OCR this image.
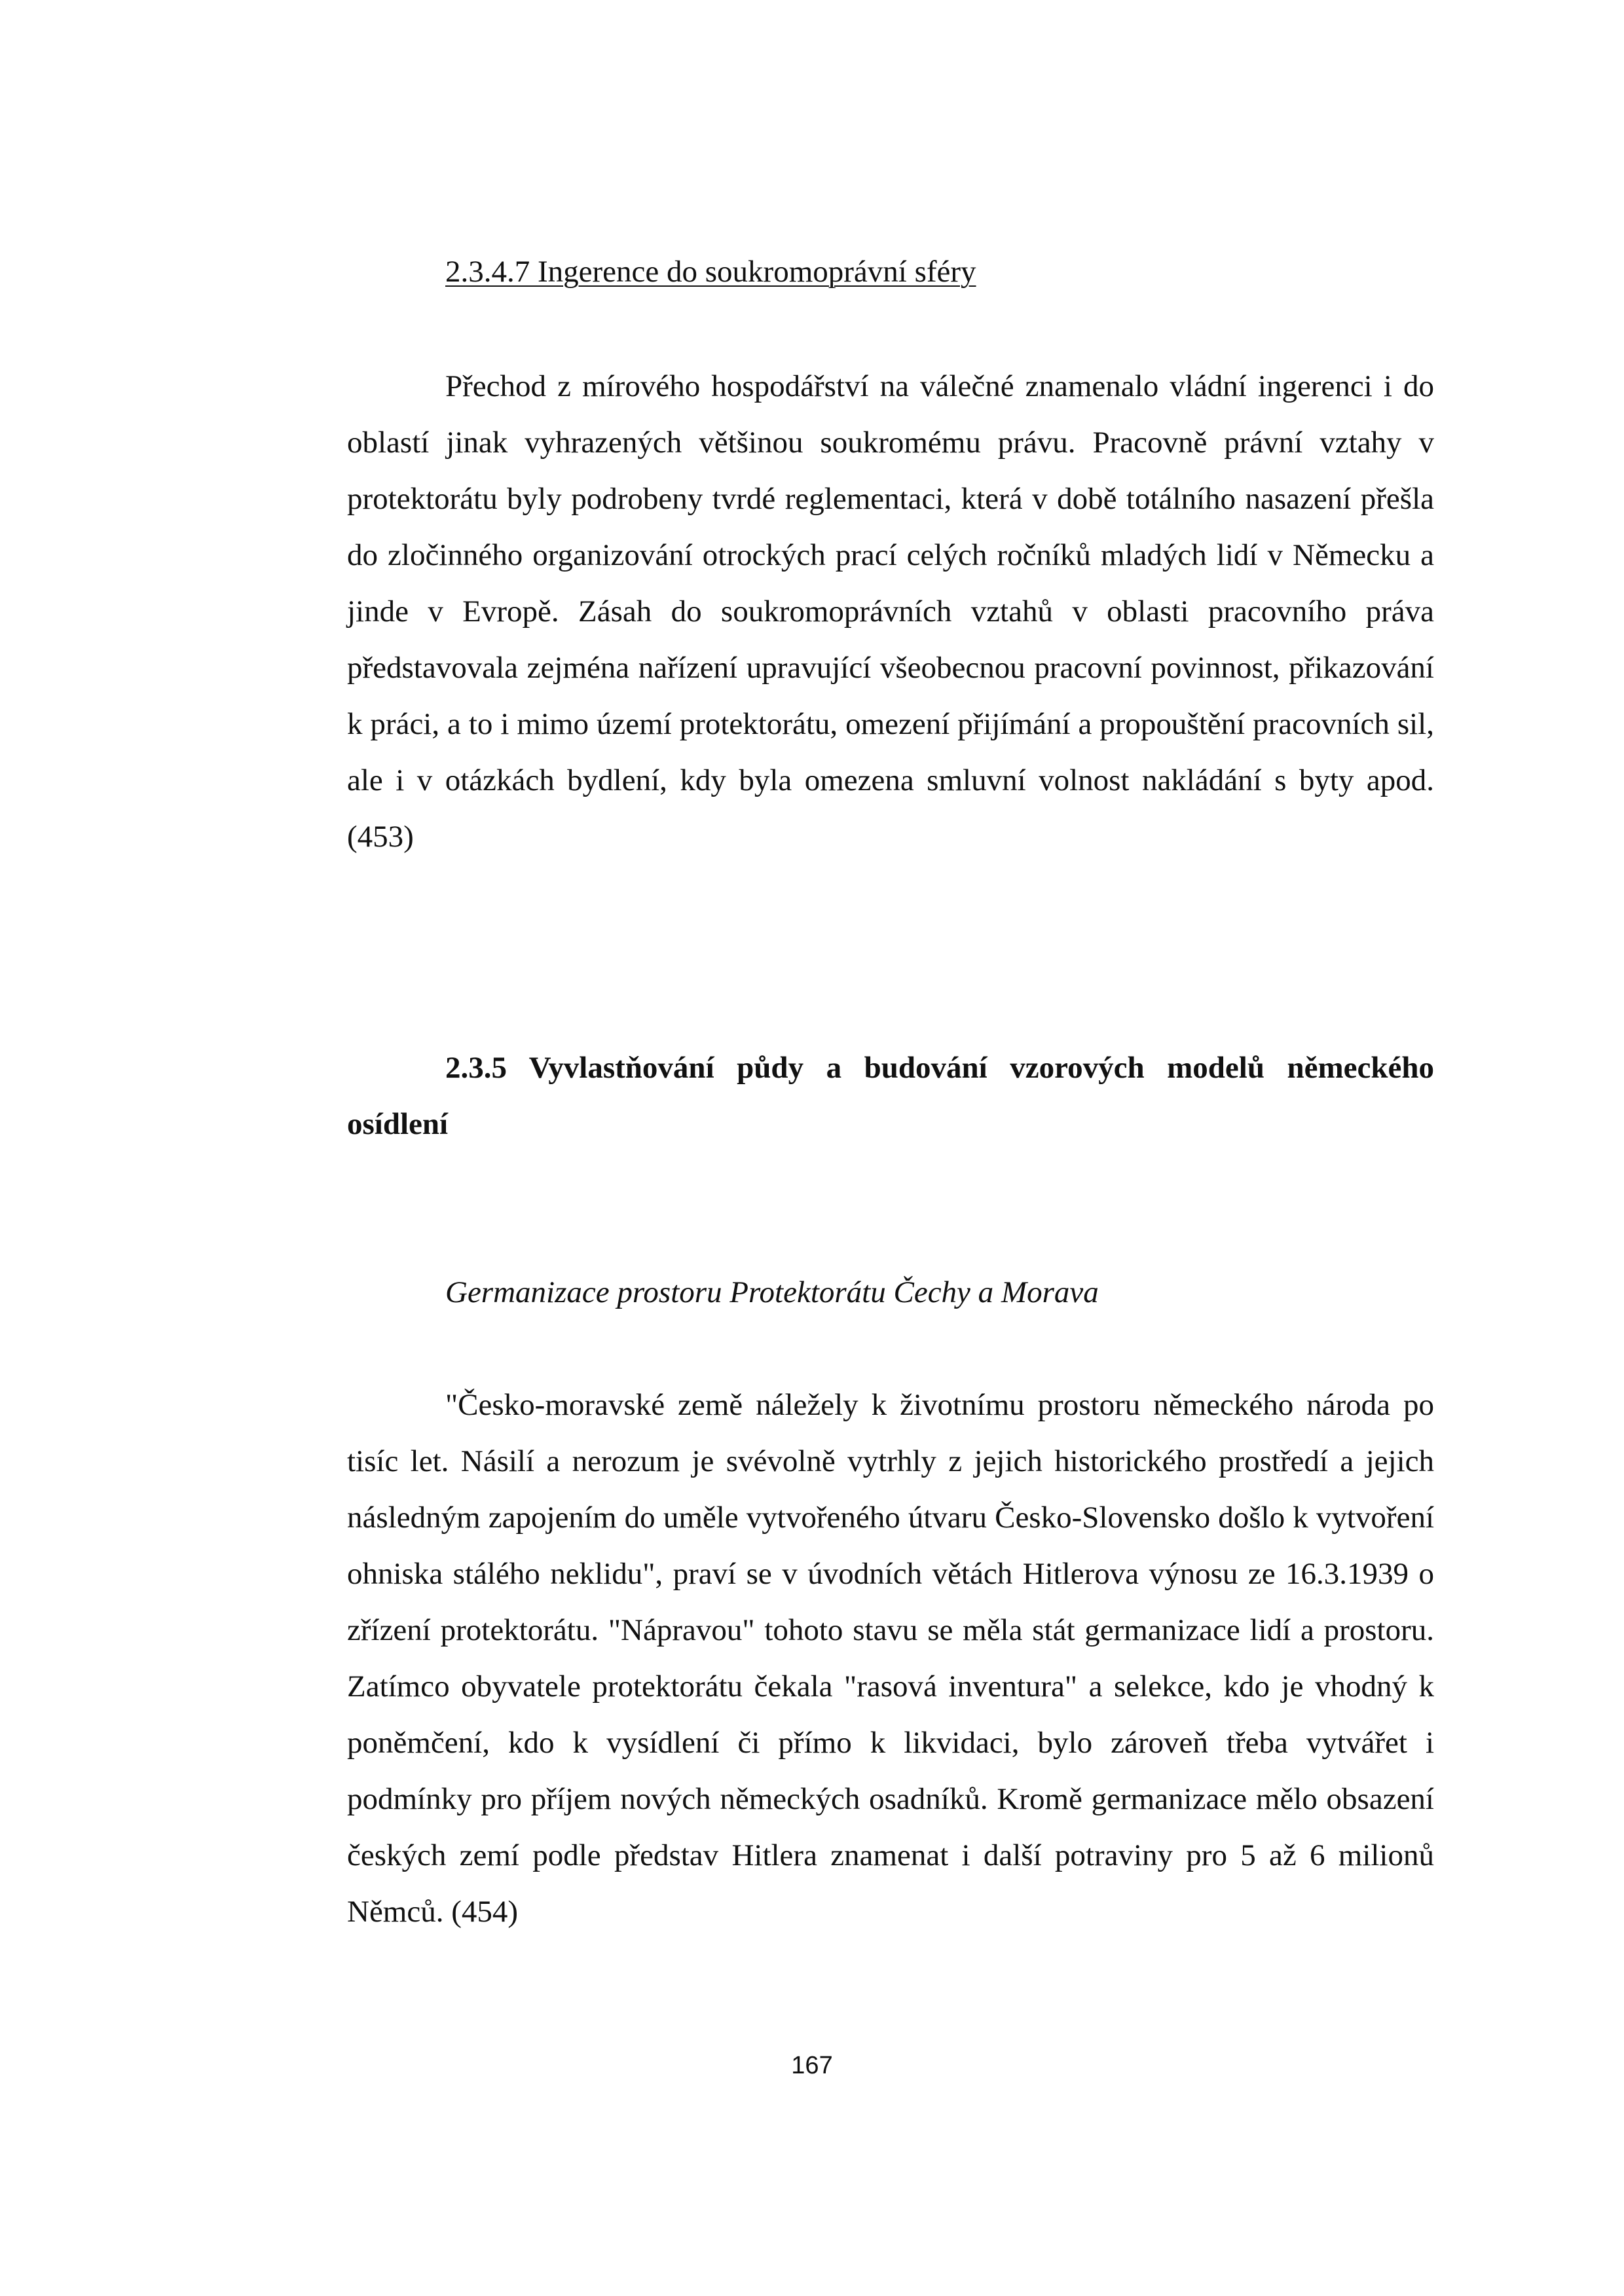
2.3.4.7 Ingerence do soukromoprávní sféry

Přechod z mírového hospodářství na válečné znamenalo vládní ingerenci i do oblastí jinak vyhrazených většinou soukromému právu. Pracovně právní vztahy v protektorátu byly podrobeny tvrdé reglementaci, která v době totálního nasazení přešla do zločinného organizování otrockých prací celých ročníků mladých lidí v Německu a jinde v Evropě. Zásah do soukromoprávních vztahů v oblasti pracovního práva představovala zejména nařízení upravující všeobecnou pracovní povinnost, přikazování k práci, a to i mimo území protektorátu, omezení přijímání a propouštění pracovních sil, ale i v otázkách bydlení, kdy byla omezena smluvní volnost nakládání s byty apod. (453)

2.3.5 Vyvlastňování půdy a budování vzorových modelů německého osídlení

Germanizace prostoru Protektorátu Čechy a Morava

"Česko-moravské země náležely k životnímu prostoru německého národa po tisíc let. Násilí a nerozum je svévolně vytrhly z jejich historického prostředí a jejich následným zapojením do uměle vytvořeného útvaru Česko-Slovensko došlo k vytvoření ohniska stálého neklidu", praví se v úvodních větách Hitlerova výnosu ze 16.3.1939 o zřízení protektorátu. "Nápravou" tohoto stavu se měla stát germanizace lidí a prostoru. Zatímco obyvatele protektorátu čekala "rasová inventura" a selekce, kdo je vhodný k poněmčení, kdo k vysídlení či přímo k likvidaci, bylo zároveň třeba vytvářet i podmínky pro příjem nových německých osadníků. Kromě germanizace mělo obsazení českých zemí podle představ Hitlera znamenat i další potraviny pro 5 až 6 milionů Němců. (454)

167
